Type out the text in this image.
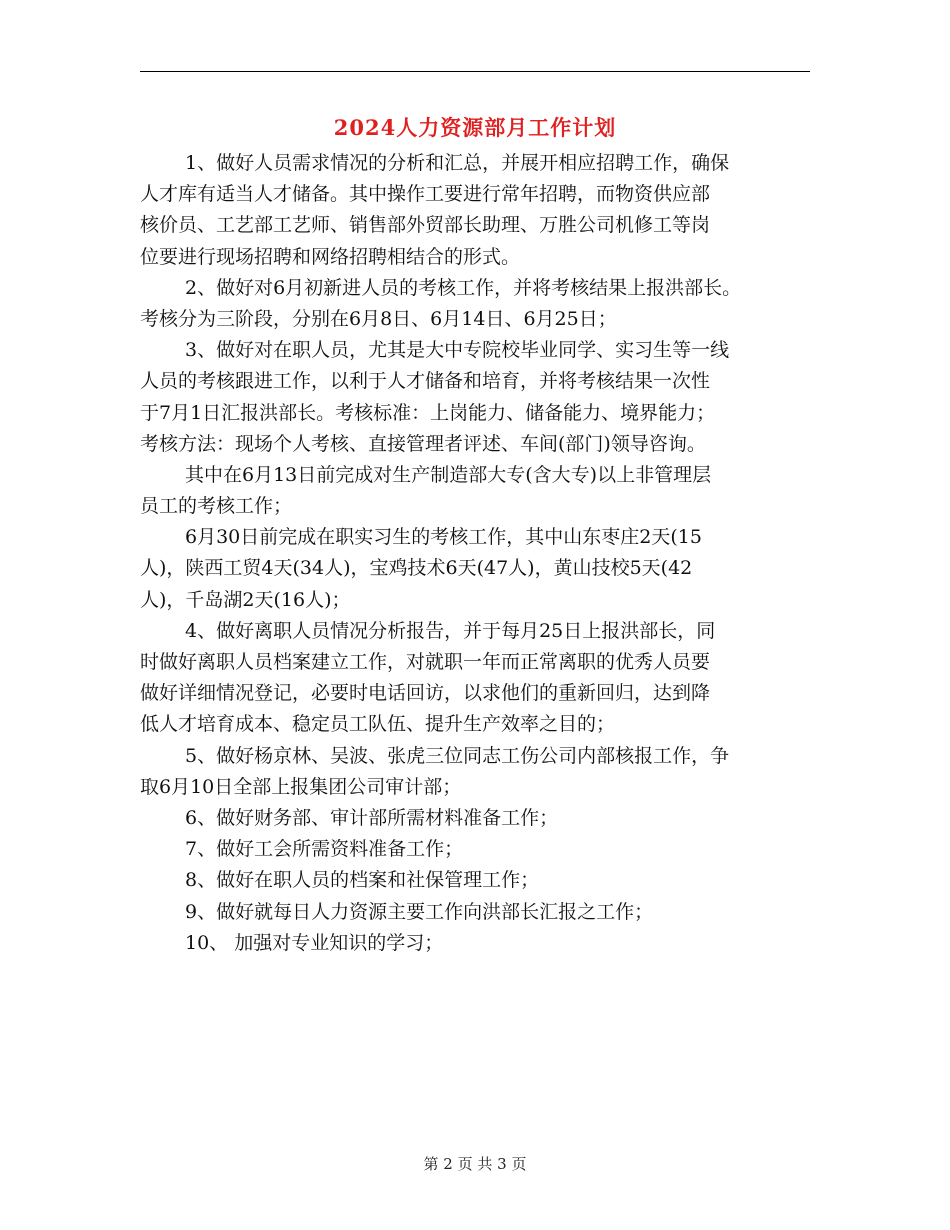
2024人力资源部月工作计划
1、做好人员需求情况的分析和汇总，并展开相应招聘工作，确保
人才库有适当人才储备。其中操作工要进行常年招聘，而物资供应部
核价员、工艺部工艺师、销售部外贸部长助理、万胜公司机修工等岗
位要进行现场招聘和网络招聘相结合的形式。
2、做好对6月初新进人员的考核工作，并将考核结果上报洪部长。
考核分为三阶段，分别在6月8日、6月14日、6月25日；
3、做好对在职人员，尤其是大中专院校毕业同学、实习生等一线
人员的考核跟进工作，以利于人才储备和培育，并将考核结果一次性
于7月1日汇报洪部长。考核标准：上岗能力、储备能力、境界能力；
考核方法：现场个人考核、直接管理者评述、车间(部门)领导咨询。
其中在6月13日前完成对生产制造部大专(含大专)以上非管理层
员工的考核工作；
6月30日前完成在职实习生的考核工作，其中山东枣庄2天(15
人)，陕西工贸4天(34人)，宝鸡技术6天(47人)，黄山技校5天(42
人)，千岛湖2天(16人)；
4、做好离职人员情况分析报告，并于每月25日上报洪部长，同
时做好离职人员档案建立工作，对就职一年而正常离职的优秀人员要
做好详细情况登记，必要时电话回访，以求他们的重新回归，达到降
低人才培育成本、稳定员工队伍、提升生产效率之目的；
5、做好杨京林、吴波、张虎三位同志工伤公司内部核报工作，争
取6月10日全部上报集团公司审计部；
6、做好财务部、审计部所需材料准备工作；
7、做好工会所需资料准备工作；
8、做好在职人员的档案和社保管理工作；
9、做好就每日人力资源主要工作向洪部长汇报之工作；
10、 加强对专业知识的学习；
第 2 页 共 3 页
